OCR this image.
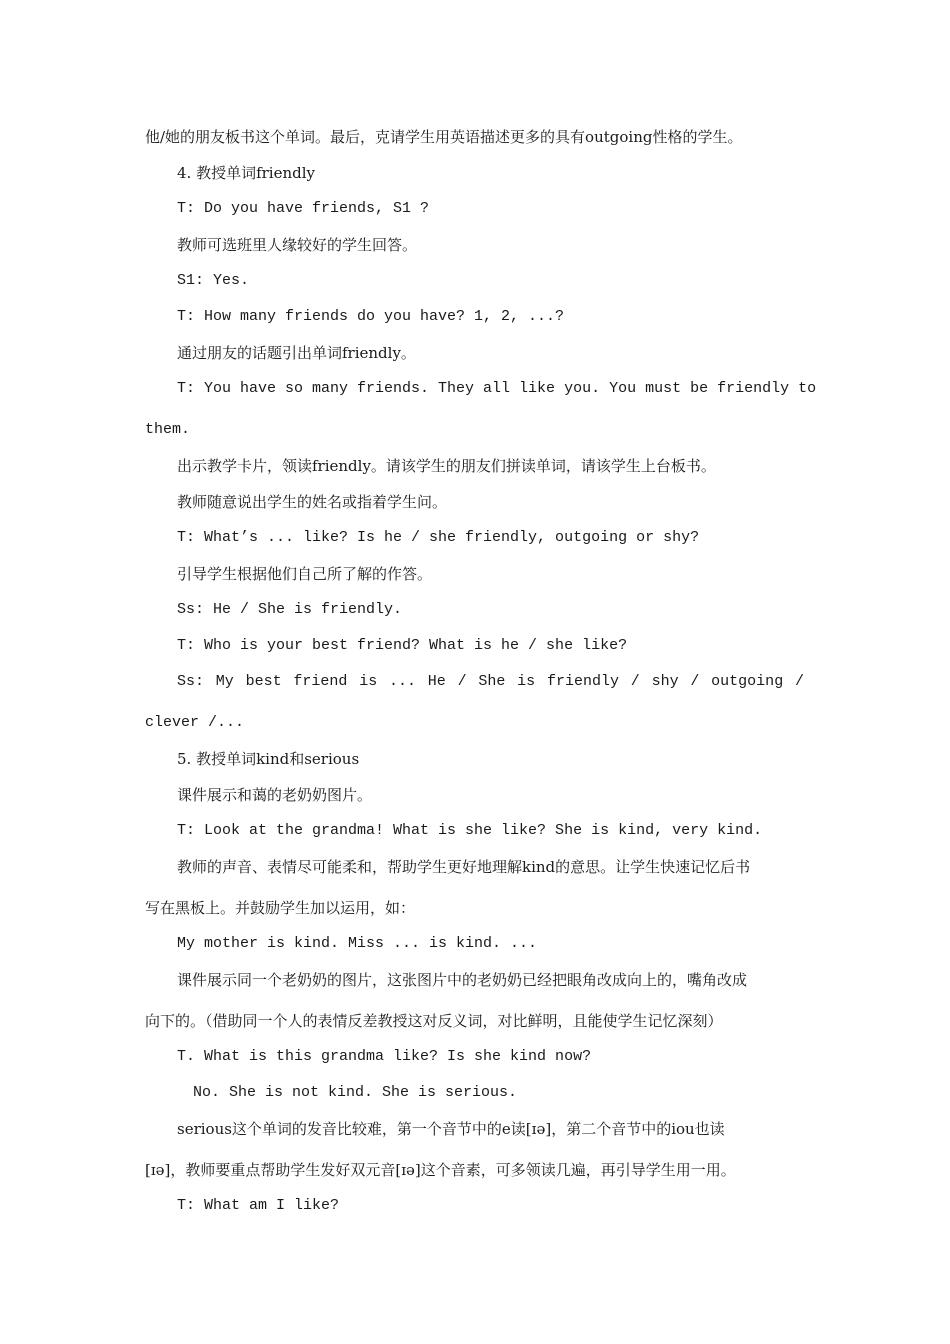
他/她的朋友板书这个单词。最后，克请学生用英语描述更多的具有outgoing性格的学生。
4. 教授单词friendly
T: Do you have friends, S1 ?
教师可选班里人缘较好的学生回答。
S1: Yes.
T: How many friends do you have? 1, 2, ...?
通过朋友的话题引出单词friendly。
T: You have so many friends. They all like you. You must be friendly to
them.
出示教学卡片，领读friendly。请该学生的朋友们拼读单词，请该学生上台板书。
教师随意说出学生的姓名或指着学生问。
T: What’s ... like? Is he / she friendly, outgoing or shy?
引导学生根据他们自己所了解的作答。
Ss: He / She is friendly.
T: Who is your best friend? What is he / she like?
Ss: My best friend is ... He / She is friendly / shy / outgoing /
clever /...
5. 教授单词kind和serious
课件展示和蔼的老奶奶图片。
T: Look at the grandma! What is she like? She is kind, very kind.
教师的声音、表情尽可能柔和，帮助学生更好地理解kind的意思。让学生快速记忆后书
写在黑板上。并鼓励学生加以运用，如：
My mother is kind. Miss ... is kind. ...
课件展示同一个老奶奶的图片，这张图片中的老奶奶已经把眼角改成向上的，嘴角改成
向下的。（借助同一个人的表情反差教授这对反义词，对比鲜明，且能使学生记忆深刻）
T. What is this grandma like? Is she kind now?
No. She is not kind. She is serious.
serious这个单词的发音比较难，第一个音节中的e读[ɪə]，第二个音节中的iou也读
[ɪə]，教师要重点帮助学生发好双元音[ɪə]这个音素，可多领读几遍，再引导学生用一用。
T: What am I like?
